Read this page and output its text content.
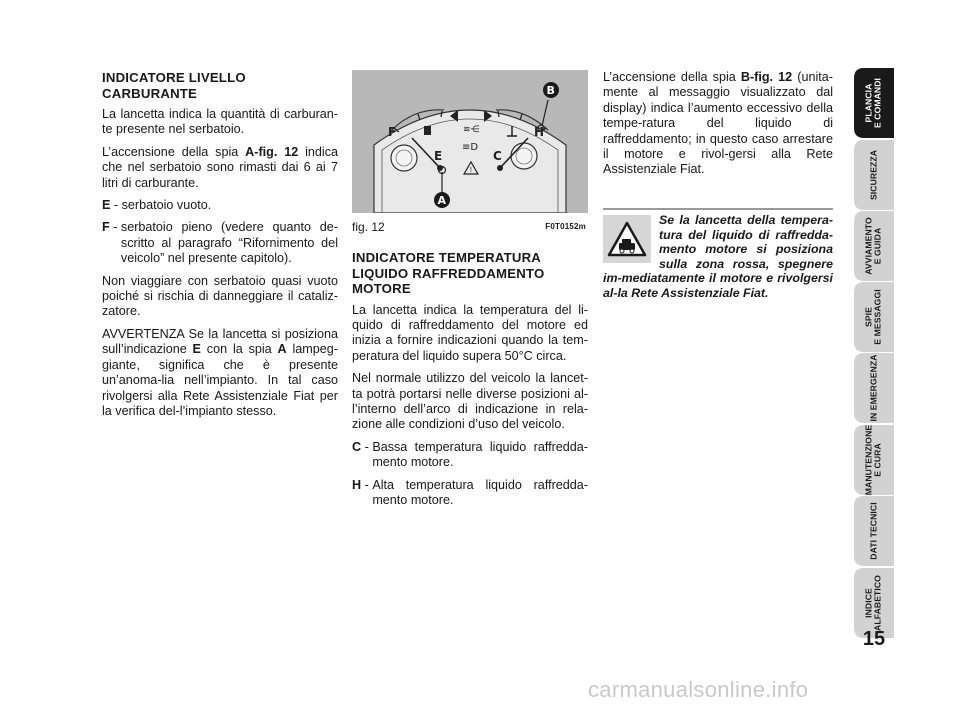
INDICATORE LIVELLO CARBURANTE

La lancetta indica la quantità di carburan-te presente nel serbatoio.

L’accensione della spia A-fig. 12 indica che nel serbatoio sono rimasti dai 6 ai 7 litri di carburante.

E - serbatoio vuoto.
F - serbatoio pieno (vedere quanto de-scritto al paragrafo “Rifornimento del veicolo” nel presente capitolo).

Non viaggiare con serbatoio quasi vuoto poiché si rischia di danneggiare il cataliz-zatore.

AVVERTENZA Se la lancetta si posiziona sull’indicazione E con la spia A lampeg-giante, significa che è presente un’anoma-lia nell’impianto. In tal caso rivolgersi alla Rete Assistenziale Fiat per la verifica del-l’impianto stesso.

≋⋲
≡D
!
F
E	C
H
A
B
fig. 12	F0T0152m
INDICATORE TEMPERATURA LIQUIDO RAFFREDDAMENTO MOTORE

La lancetta indica la temperatura del li-quido di raffreddamento del motore ed inizia a fornire indicazioni quando la tem-peratura del liquido supera 50°C circa.

Nel normale utilizzo del veicolo la lancet-ta potrà portarsi nelle diverse posizioni al-l’interno dell’arco di indicazione in rela-zione alle condizioni d’uso del veicolo.

C - Bassa temperatura liquido raffredda-mento motore.
H - Alta temperatura liquido raffredda-mento motore.

L’accensione della spia B-fig. 12 (unita-mente al messaggio visualizzato dal display) indica l’aumento eccessivo della tempe-ratura del liquido di raffreddamento; in questo caso arrestare il motore e rivol-gersi alla Rete Assistenziale Fiat.

Se la lancetta della tempera-tura del liquido di raffredda-mento motore si posiziona sulla zona rossa, spegnere im-mediatamente il motore e rivolgersi al-la Rete Assistenziale Fiat.

PLANCIA E COMANDI
SICUREZZA
AVVIAMENTO E GUIDA
SPIE E MESSAGGI
IN EMERGENZA
MANUTENZIONE E CURA
DATI TECNICI
INDICE ALFABETICO
15
carmanualsonline.info
